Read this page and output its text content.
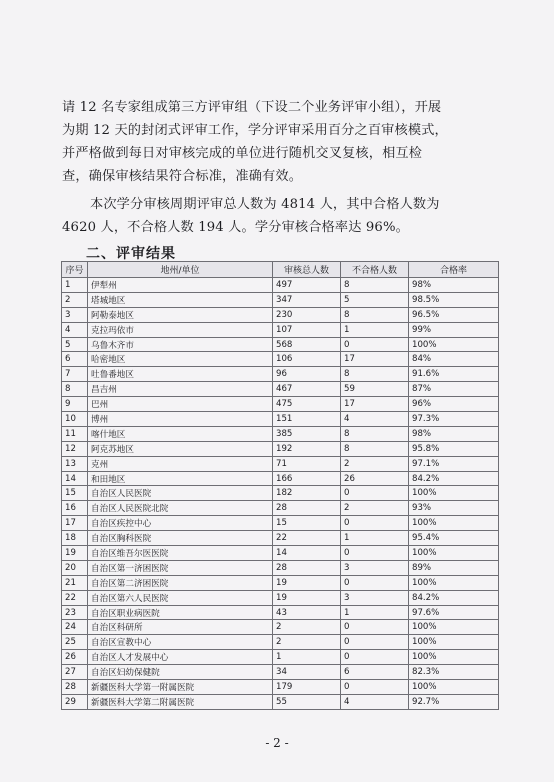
请 12 名专家组成第三方评审组（下设二个业务评审小组），开展

为期 12 天的封闭式评审工作，学分评审采用百分之百审核模式，

并严格做到每日对审核完成的单位进行随机交叉复核，相互检

查，确保审核结果符合标准，准确有效。

本次学分审核周期评审总人数为 4814 人，其中合格人数为

4620 人，不合格人数 194 人。学分审核合格率达 96%。

二、评审结果
序号	地州/单位	审核总人数	不合格人数	合格率
1	伊犁州	497	8	98%
2	塔城地区	347	5	98.5%
3	阿勒泰地区	230	8	96.5%
4	克拉玛依市	107	1	99%
5	乌鲁木齐市	568	0	100%
6	哈密地区	106	17	84%
7	吐鲁番地区	96	8	91.6%
8	昌吉州	467	59	87%
9	巴州	475	17	96%
10	博州	151	4	97.3%
11	喀什地区	385	8	98%
12	阿克苏地区	192	8	95.8%
13	克州	71	2	97.1%
14	和田地区	166	26	84.2%
15	自治区人民医院	182	0	100%
16	自治区人民医院北院	28	2	93%
17	自治区疾控中心	15	0	100%
18	自治区胸科医院	22	1	95.4%
19	自治区维吾尔医医院	14	0	100%
20	自治区第一济困医院	28	3	89%
21	自治区第二济困医院	19	0	100%
22	自治区第六人民医院	19	3	84.2%
23	自治区职业病医院	43	1	97.6%
24	自治区科研所	2	0	100%
25	自治区宣教中心	2	0	100%
26	自治区人才发展中心	1	0	100%
27	自治区妇幼保健院	34	6	82.3%
28	新疆医科大学第一附属医院	179	0	100%
29	新疆医科大学第二附属医院	55	4	92.7%
- 2 -
